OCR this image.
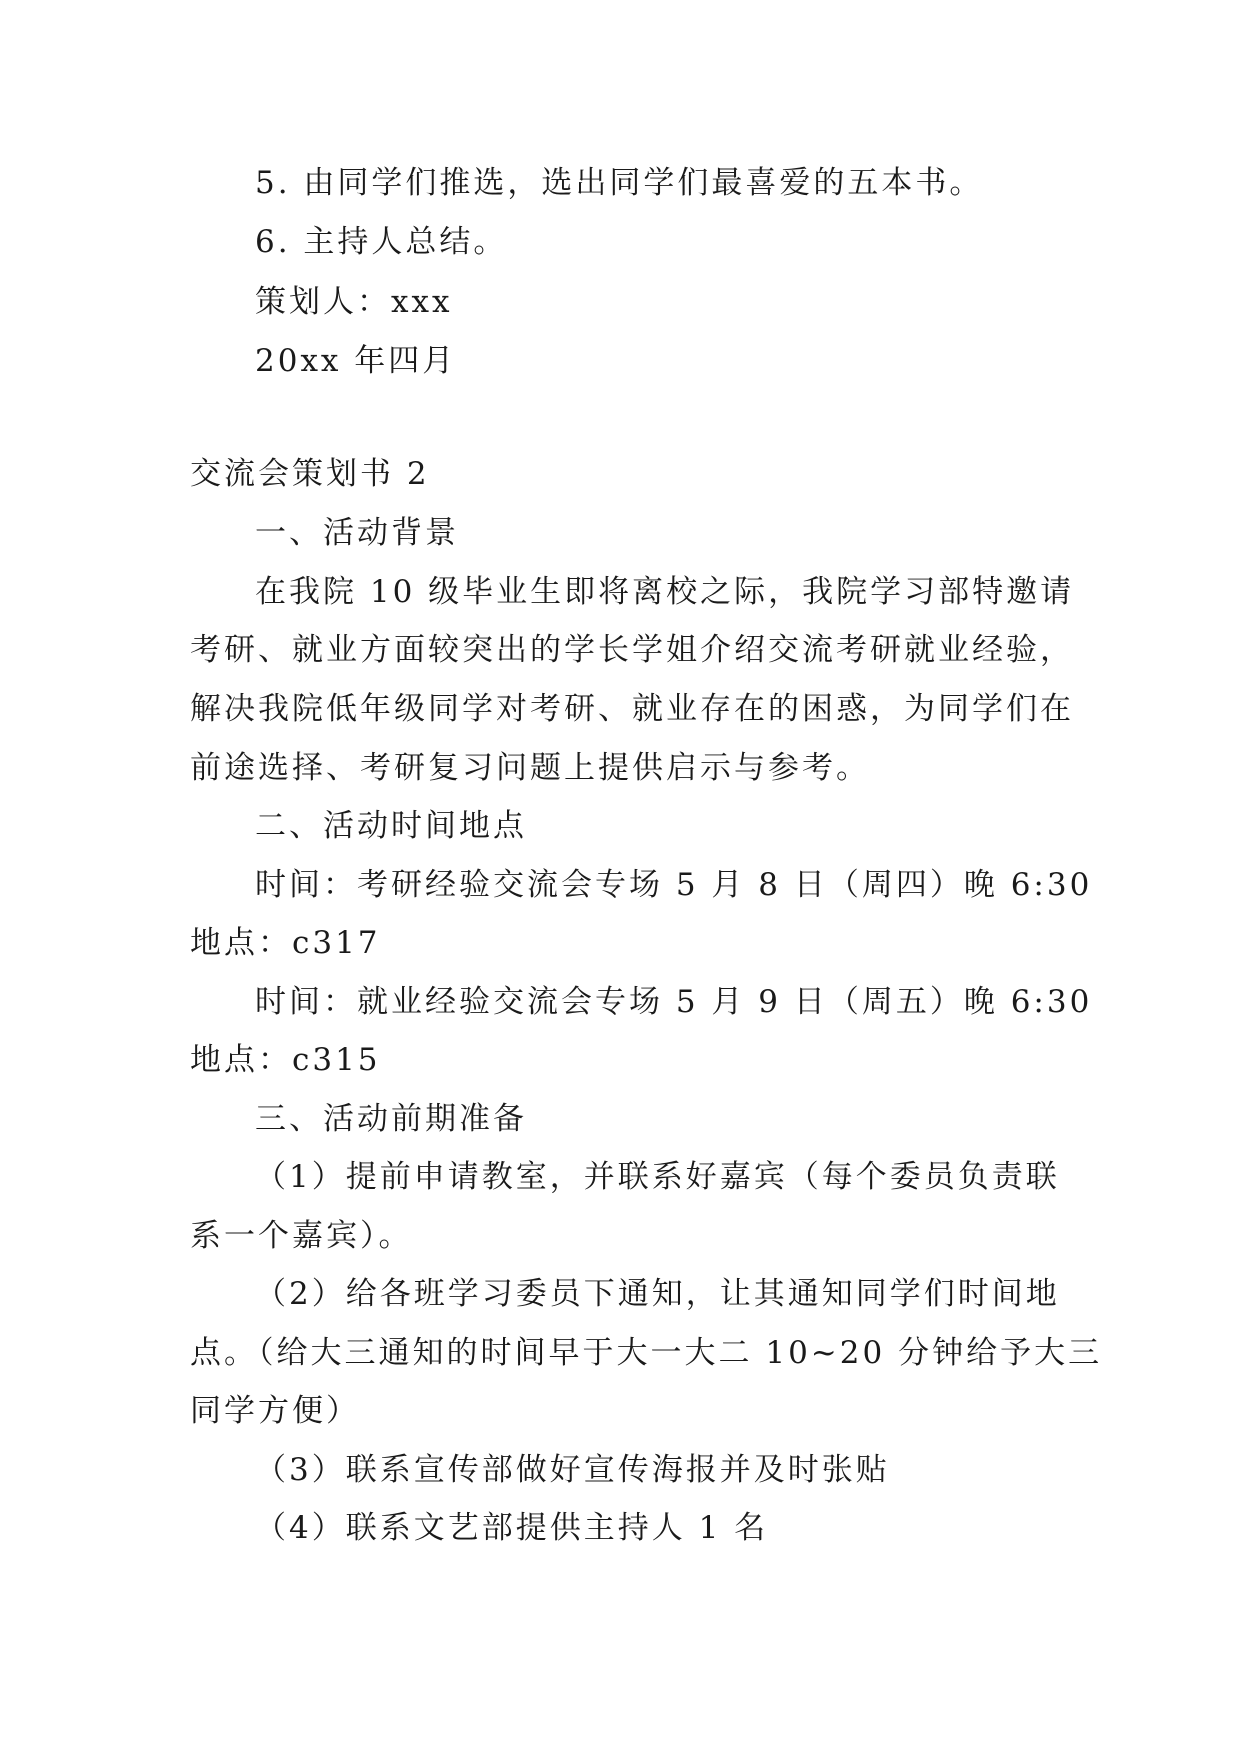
5. 由同学们推选，选出同学们最喜爱的五本书。
6. 主持人总结。
策划人：xxx
20xx 年四月
交流会策划书 2
一、活动背景
在我院 10 级毕业生即将离校之际，我院学习部特邀请
考研、就业方面较突出的学长学姐介绍交流考研就业经验，
解决我院低年级同学对考研、就业存在的困惑，为同学们在
前途选择、考研复习问题上提供启示与参考。
二、活动时间地点
时间：考研经验交流会专场 5 月 8 日（周四）晚 6:30
地点：c317
时间：就业经验交流会专场 5 月 9 日（周五）晚 6:30
地点：c315
三、活动前期准备
（1）提前申请教室，并联系好嘉宾（每个委员负责联
系一个嘉宾）。
（2）给各班学习委员下通知，让其通知同学们时间地
点。（给大三通知的时间早于大一大二 10~20 分钟给予大三
同学方便）
（3）联系宣传部做好宣传海报并及时张贴
（4）联系文艺部提供主持人 1 名
